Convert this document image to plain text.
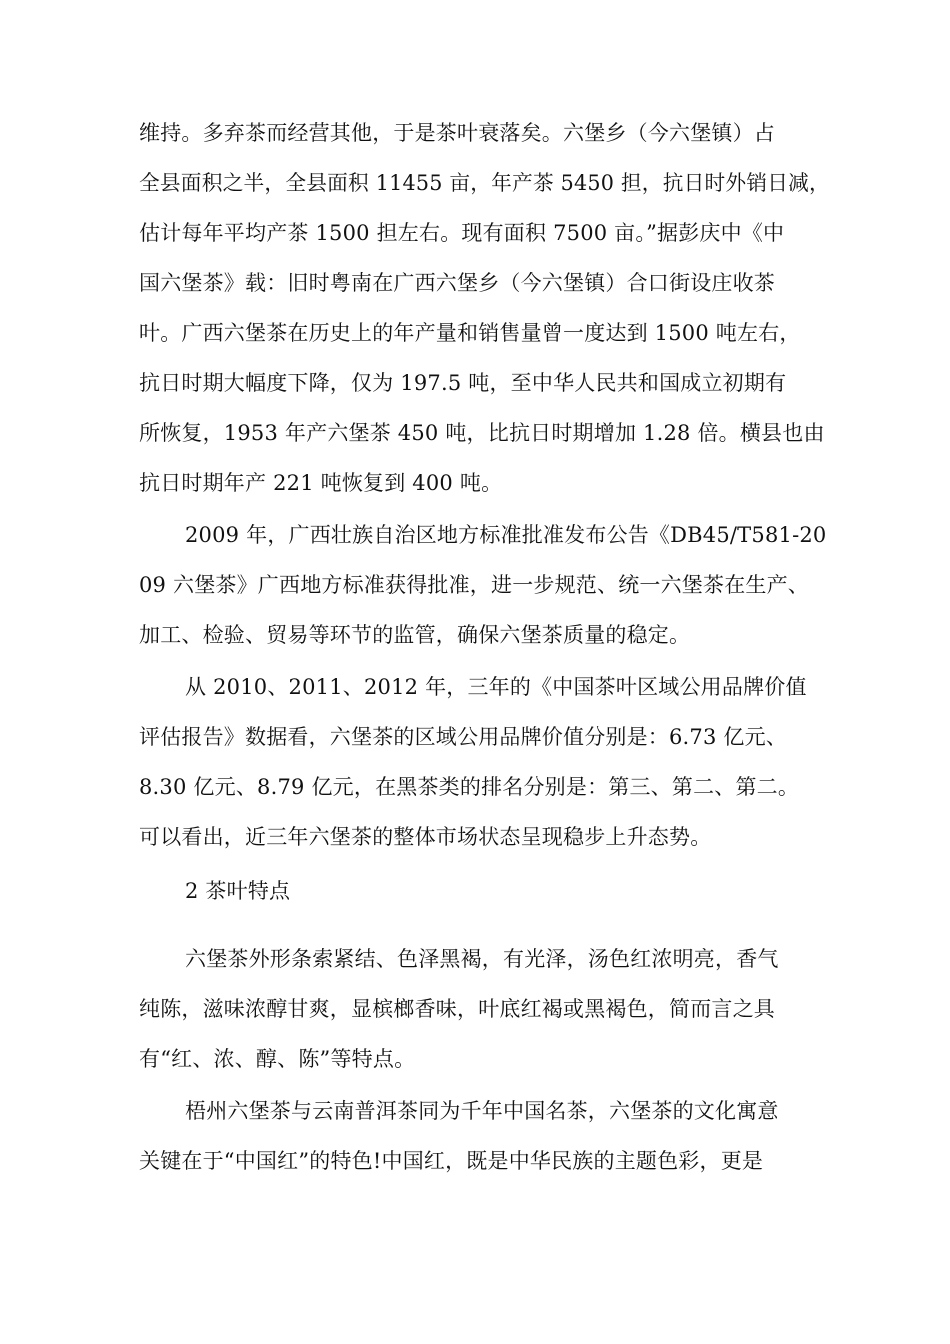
维持。多弃茶而经营其他，于是茶叶衰落矣。六堡乡（今六堡镇）占
全县面积之半，全县面积 11455 亩，年产茶 5450 担，抗日时外销日减，
估计每年平均产茶 1500 担左右。现有面积 7500 亩。”据彭庆中《中
国六堡茶》载：旧时粤南在广西六堡乡（今六堡镇）合口街设庄收茶
叶。广西六堡茶在历史上的年产量和销售量曾一度达到 1500 吨左右，
抗日时期大幅度下降，仅为 197.5 吨，至中华人民共和国成立初期有
所恢复，1953 年产六堡茶 450 吨，比抗日时期增加 1.28 倍。横县也由
抗日时期年产 221 吨恢复到 400 吨。
2009 年，广西壮族自治区地方标准批准发布公告《DB45/T581-20
09 六堡茶》广西地方标准获得批准，进一步规范、统一六堡茶在生产、
加工、检验、贸易等环节的监管，确保六堡茶质量的稳定。
从 2010、2011、2012 年，三年的《中国茶叶区域公用品牌价值
评估报告》数据看，六堡茶的区域公用品牌价值分别是：6.73 亿元、
8.30 亿元、8.79 亿元，在黑茶类的排名分别是：第三、第二、第二。
可以看出，近三年六堡茶的整体市场状态呈现稳步上升态势。
2 茶叶特点
六堡茶外形条索紧结、色泽黑褐，有光泽，汤色红浓明亮，香气
纯陈，滋味浓醇甘爽，显槟榔香味，叶底红褐或黑褐色，简而言之具
有“红、浓、醇、陈”等特点。
梧州六堡茶与云南普洱茶同为千年中国名茶，六堡茶的文化寓意
关键在于“中国红”的特色!中国红，既是中华民族的主题色彩，更是
